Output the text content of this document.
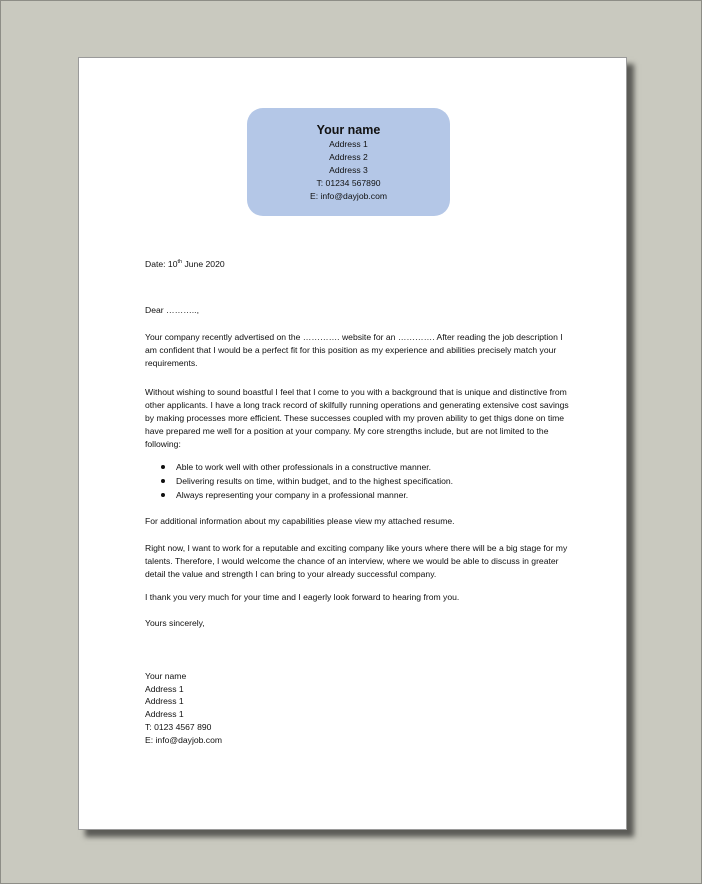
Your name
Address 1
Address 2
Address 3
T: 01234 567890
E: info@dayjob.com
Date: 10th June 2020
Dear ………..,
Your company recently advertised on the …………. website for an …………. After reading the job description I am confident that I would be a perfect fit for this position as my experience and abilities precisely match your requirements.
Without wishing to sound boastful I feel that I come to you with a background that is unique and distinctive from other applicants. I have a long track record of skilfully running operations and generating extensive cost savings by making processes more efficient. These successes coupled with my proven ability to get thigs done on time have prepared me well for a position at your company. My core strengths include, but are not limited to the following:
Able to work well with other professionals in a constructive manner.
Delivering results on time, within budget, and to the highest specification.
Always representing your company in a professional manner.
For additional information about my capabilities please view my attached resume.
Right now, I want to work for a reputable and exciting company like yours where there will be a big stage for my talents. Therefore, I would welcome the chance of an interview, where we would be able to discuss in greater detail the value and strength I can bring to your already successful company.
I thank you very much for your time and I eagerly look forward to hearing from you.
Yours sincerely,
Your name
Address 1
Address 1
Address 1
T: 0123 4567 890
E: info@dayjob.com
